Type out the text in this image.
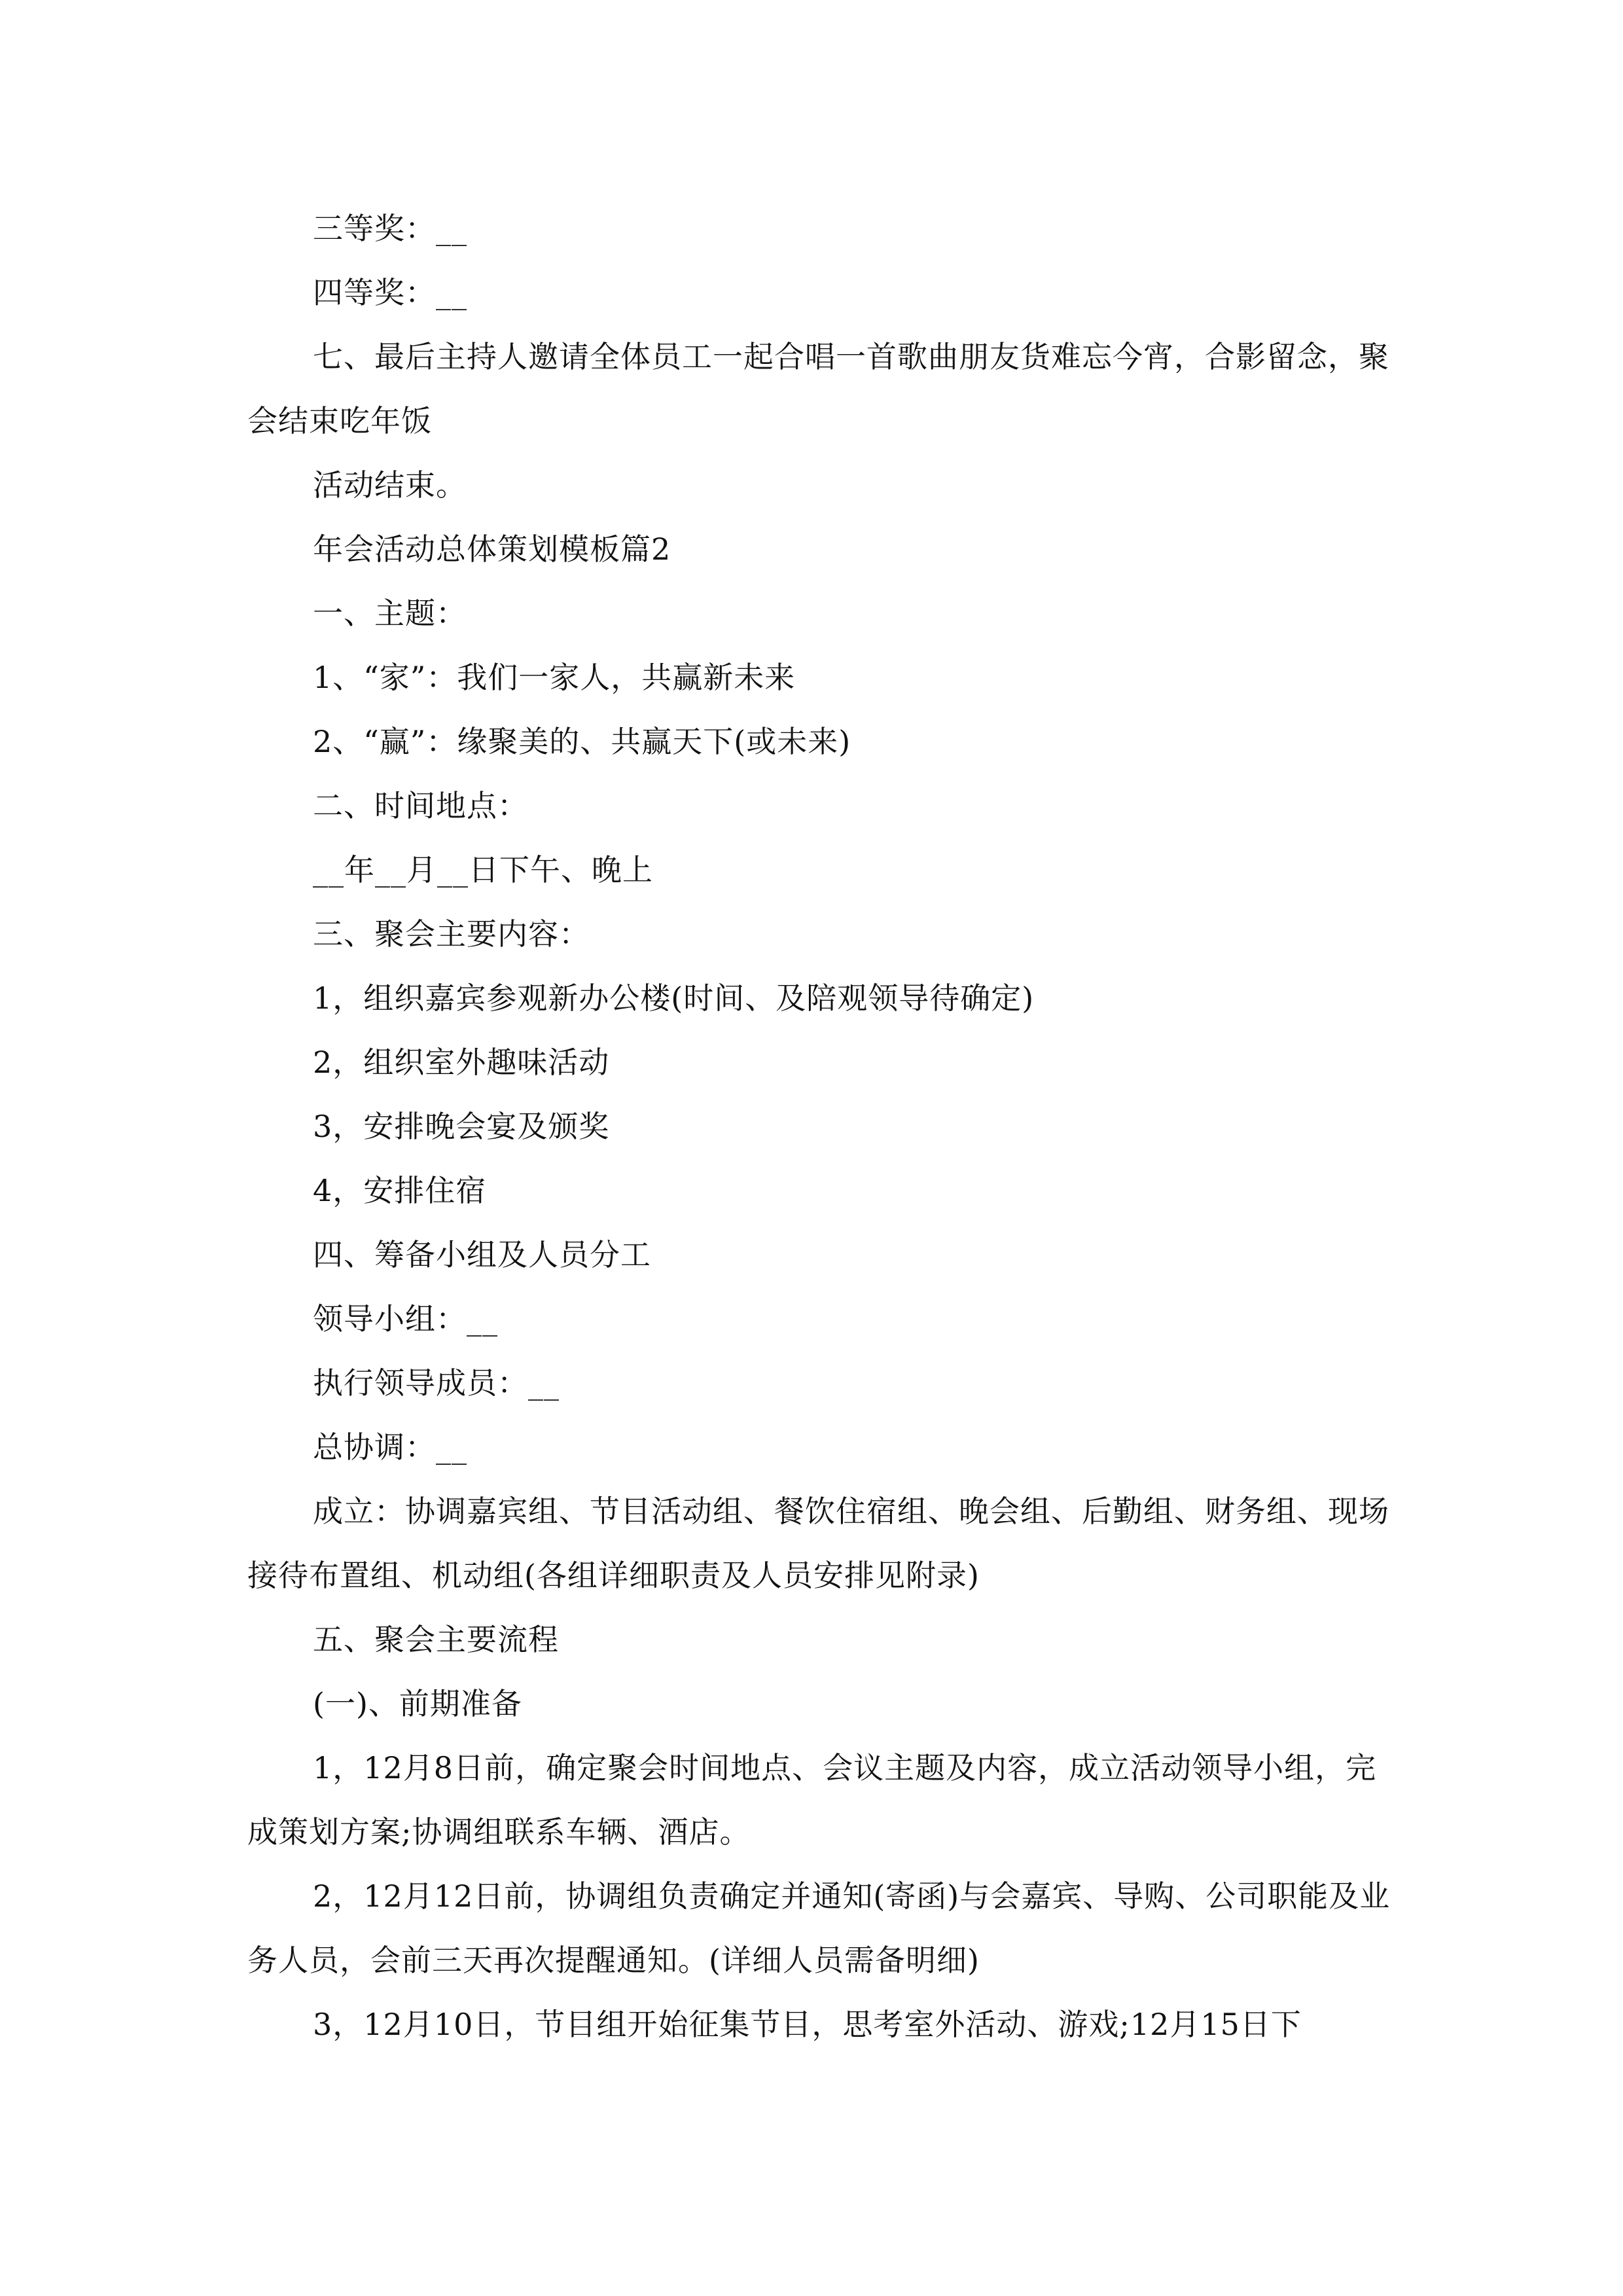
三等奖：__

四等奖：__

七、最后主持人邀请全体员工一起合唱一首歌曲朋友货难忘今宵，合影留念，聚会结束吃年饭

活动结束。

年会活动总体策划模板篇2

一、主题：

1、“家”：我们一家人，共赢新未来

2、“赢”：缘聚美的、共赢天下(或未来)

二、时间地点：

__年__月__日下午、晚上

三、聚会主要内容：

1，组织嘉宾参观新办公楼(时间、及陪观领导待确定)

2，组织室外趣味活动

3，安排晚会宴及颁奖

4，安排住宿

四、筹备小组及人员分工

领导小组：__

执行领导成员：__

总协调：__

成立：协调嘉宾组、节目活动组、餐饮住宿组、晚会组、后勤组、财务组、现场接待布置组、机动组(各组详细职责及人员安排见附录)

五、聚会主要流程

(一)、前期准备

1，12月8日前，确定聚会时间地点、会议主题及内容，成立活动领导小组，完成策划方案;协调组联系车辆、酒店。

2，12月12日前，协调组负责确定并通知(寄函)与会嘉宾、导购、公司职能及业务人员，会前三天再次提醒通知。(详细人员需备明细)

3，12月10日，节目组开始征集节目，思考室外活动、游戏;12月15日下
